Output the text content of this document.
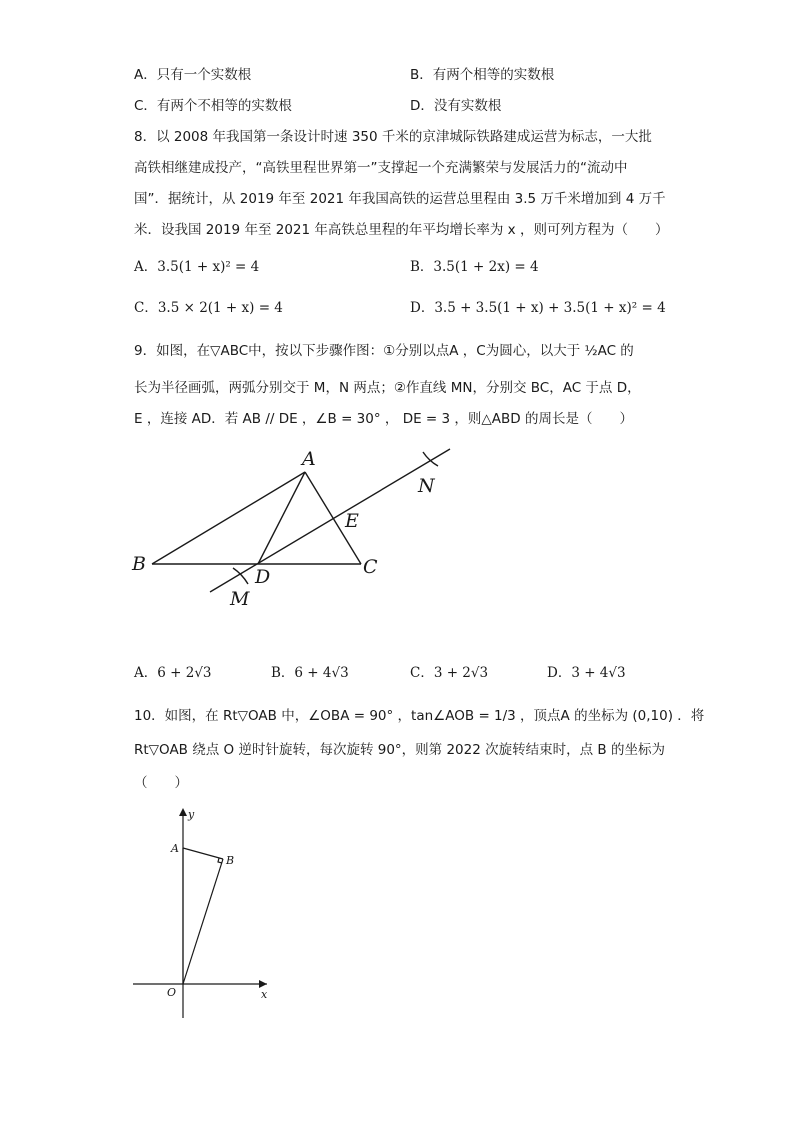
A．只有一个实数根	B．有两个相等的实数根
C．有两个不相等的实数根	D．没有实数根
8．以 2008 年我国第一条设计时速 350 千米的京津城际铁路建成运营为标志，一大批
高铁相继建成投产，“高铁里程世界第一”支撑起一个充满繁荣与发展活力的“流动中
国”．据统计，从 2019 年至 2021 年我国高铁的运营总里程由 3.5 万千米增加到 4 万千
米．设我国 2019 年至 2021 年高铁总里程的年平均增长率为 x ，则可列方程为（　　）
A．3.5(1 + x)² = 4	B．3.5(1 + 2x) = 4
C．3.5 × 2(1 + x) = 4	D．3.5 + 3.5(1 + x) + 3.5(1 + x)² = 4
9．如图，在▽ABC中，按以下步骤作图：①分别以点A ，C为圆心，以大于 ½AC 的
长为半径画弧，两弧分别交于 M，N 两点；②作直线 MN，分别交 BC，AC 于点 D，
E ，连接 AD．若 AB // DE ，∠B = 30° ， DE = 3 ，则△ABD 的周长是（　　）
A
B	C
D
E
M
N
A．6 + 2√3	B．6 + 4√3	C．3 + 2√3	D．3 + 4√3
10．如图，在 Rt▽OAB 中，∠OBA = 90° ，tan∠AOB = 1/3 ，顶点A 的坐标为 (0,10) ．将
Rt▽OAB 绕点 O 逆时针旋转，每次旋转 90°，则第 2022 次旋转结束时，点 B 的坐标为
（　　）
y
x
A
B
O
